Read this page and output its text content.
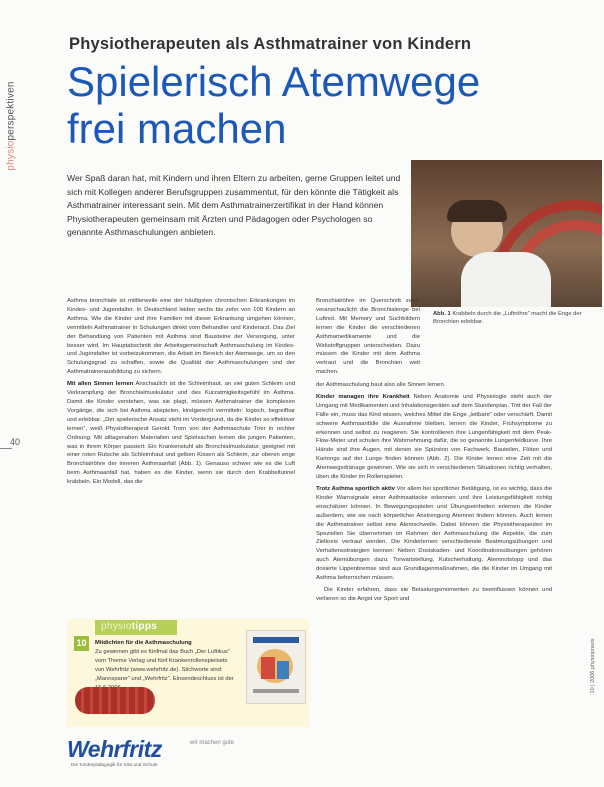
physioperspektiven
Physiotherapeuten als Asthmatrainer von Kindern
Spielerisch Atemwege
frei machen
Wer Spaß daran hat, mit Kindern und ihren Eltern zu arbeiten, gerne Gruppen leitet und sich mit Kollegen anderer Berufsgruppen zusammentut, für den könnte die Tätigkeit als Asthmatrainer interessant sein. Mit dem Asthmatrainerzertifikat in der Hand können Physiotherapeuten gemeinsam mit Ärzten und Pädagogen oder Psychologen so genannte Asthmaschulungen anbieten.
Abb. 1 Krabbeln durch die „Luftröhre“ macht die Enge der Bronchien erlebbar.

Asthma bronchiale ist mittlerweile eine der häufigsten chronischen Erkrankungen im Kindes- und Jugendalter. In Deutschland leiden sechs bis zehn von 100 Kindern an Asthma. Wie die Kinder und ihre Familien mit dieser Erkrankung umgehen können, vermitteln Asthmatrainer in Schulungen direkt vom Behandler und Kinderarzt. Das Ziel der Behandlung von Patienten mit Asthma sind Bausteine der Versorgung, unter besser wird. Im Hauptabschnitt der Arbeitsgemeinschaft Asthmaschulung im Kindes- und Jugendalter ist vorbeizukommen, die Arbeit im Bereich der Atemwege, um so den Schulungsgrad zu schaffen, sowie die Qualität der Asthmaschulungen und der Asthmatrainerausbildung zu sichern.

Mit allen Sinnen lernen Anschaulich ist die Schleimhaut, an viel guten Schleim und Verkrampfung der Bronchialmuskulatur und des Kurzatmigkeitsgefühl im Asthma. Damit die Kinder verstehen, was sie plagt, müssen Asthmatrainer die komplexen Vorgänge, die sich bei Asthma abspielen, kindgerecht vermitteln: logisch, begreifbar und erlebbar. „Der spielerische Ansatz steht im Vordergrund, da die Kinder so effektiver lernen“, weiß Physiotherapeut Gerold Trom von der Asthmaschule Trier in rechter Ordnung. Mit alltagsnahen Materialien und Spielsachen lernen die jungen Patienten, was in ihrem Körper passiert: Ein Krankenstuhl als Bronchialmuskulatur, geeignet mit einer roten Rutsche als Schleimhaut und gelben Kissen als Schleim, zur oberen enge Bronchialröhre der inneren Asthmaanfall (Abb. 1). Genauso schwer wie es die Luft beim Asthmaanfall hat, haben es die Kinder, wenn sie durch den Krabbeltunnel krabbeln. Ein Modell, das die

Bronchialröhre im Querschnitt zeigt, veranschaulicht die Bronchialenge bei Luftnot. Mit Memory und Suchbildern lernen die Kinder die verschiedenen Asthmamedikamente und die Wirkstoffgruppen unterscheiden. Dazu müssen die Kinder mit dem Asthma vertraut und die Bronchien weit machen.

der Asthmaschulung baut also alle Sinnen lernen.

Kinder managen ihre Krankheit Neben Anatomie und Physiologie steht auch der Umgang mit Medikamenten und Inhalationsgeräten auf dem Stundenplan. Tritt der Fall der Fälle ein, muss das Kind wissen, welches Mittel die Enge „leitbare“ oder verschärft. Damit schwere Asthmaanfälle die Ausnahme bleiben, lernen die Kinder, Frühsymptome zu erkennen und selbst zu reagieren. Sie kontrollieren ihre Lungenfähigkeit mit dem Peak-Flow-Meter und schulen ihre Wahrnehmung dafür, die so genannte Lungenfeldkurve. Ihre Hände sind ihre Augen, mit denen sie Spürsinn von Fachwerk, Bauteilen, Flöten und Kartongs auf der Lunge finden können (Abb. 2). Die Kinder lernen eine Zeit mit die Atemwegsdränage gewinnen. Wie sie sich in verschiedenen Situationen richtig verhalten, üben die Kinder im Rollenspielen.

Trotz Asthma sportlich aktiv Vor allem bei sportlicher Betätigung, ist es wichtig, dass die Kinder Warnsignale einer Asthmaattacke erkennen und ihre Leistungsfähigkeit richtig einschätzen können. In Bewegungsspielen und Übungseinheiten erlernen die Kinder außerdem, wie sie nach körperlicher Anstrengung Atemnot lindern können. Auch lernen die Asthmatrainer selbst eine Atemschwelle. Dabei können die Physiotherapeuten im Speziellen Sie übernehmen im Rahmen der Asthmaschulung die Aspekte, die zum Zielkreis vertraut werden. Die Kinderlernen verschiedenste Beatmungsübungen und Verhaltensstrategien kennen: Neben Dosiskaden- und Koordinationsübungen gehören auch Atemübungen dazu: Torwartstellung, Kutscherhaltung, Atemnotstopp und das dosierte Lippenbremse sind aus Grundlagenmaßnahmen, die die Kinder im Umgang mit Asthma beherrschen müssen.

Die Kinder erfahren, dass sie Belastungsmomenten zu beeinflussen können und verlieren so die Angst vor Sport und

40
physiotipps
10	Mitdichten für die Asthmaschulung
Zu gewinnen gibt es fünfmal das Buch „Der Luftikus“ vom Thieme Verlag und fünf Krankenrollenspielsets von Wehrfritz (www.wehrfritz.de). Stichworte sind: „Mannsparer“ und „Wehrfritz“. Einsendeschluss ist der
Wehrfritz	wir machen gute
Die Kinderpädagogik für Kita und Schule
10 | 2006 physiopraxis
